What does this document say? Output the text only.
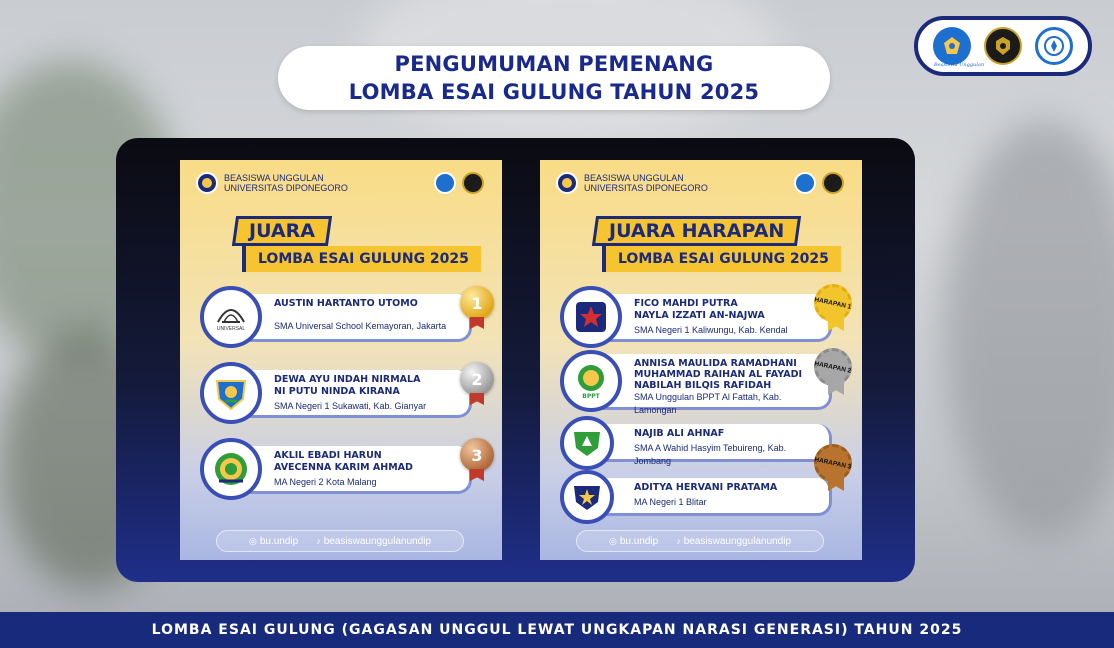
PENGUMUMAN PEMENANG
LOMBA ESAI GULUNG TAHUN 2025
Beasiswa Unggulan
BEASISWA UNGGULAN
UNIVERSITAS DIPONEGORO
JUARA
LOMBA ESAI GULUNG 2025
UNIVERSAL
AUSTIN HARTANTO UTOMO
SMA Universal School Kemayoran, Jakarta
1
DEWA AYU INDAH NIRMALA
NI PUTU NINDA KIRANA
SMA Negeri 1 Sukawati, Kab. Gianyar
2
AKLIL EBADI HARUN
AVECENNA KARIM AHMAD
MA Negeri 2 Kota Malang
3
◎ bu.undip ♪ beasiswaunggulanundip
BEASISWA UNGGULAN
UNIVERSITAS DIPONEGORO
JUARA HARAPAN
LOMBA ESAI GULUNG 2025
FICO MAHDI PUTRA
NAYLA IZZATI AN-NAJWA
SMA Negeri 1 Kaliwungu, Kab. Kendal
HARAPAN 1
BPPT
ANNISA MAULIDA RAMADHANI
MUHAMMAD RAIHAN AL FAYADI
NABILAH BILQIS RAFIDAH
SMA Unggulan BPPT Al Fattah, Kab. Lamongan
HARAPAN 2
NAJIB ALI AHNAF
SMA A Wahid Hasyim Tebuireng, Kab. Jombang
ADITYA HERVANI PRATAMA
MA Negeri 1 Blitar
HARAPAN 3
◎ bu.undip ♪ beasiswaunggulanundip
LOMBA ESAI GULUNG (GAGASAN UNGGUL LEWAT UNGKAPAN NARASI GENERASI) TAHUN 2025
